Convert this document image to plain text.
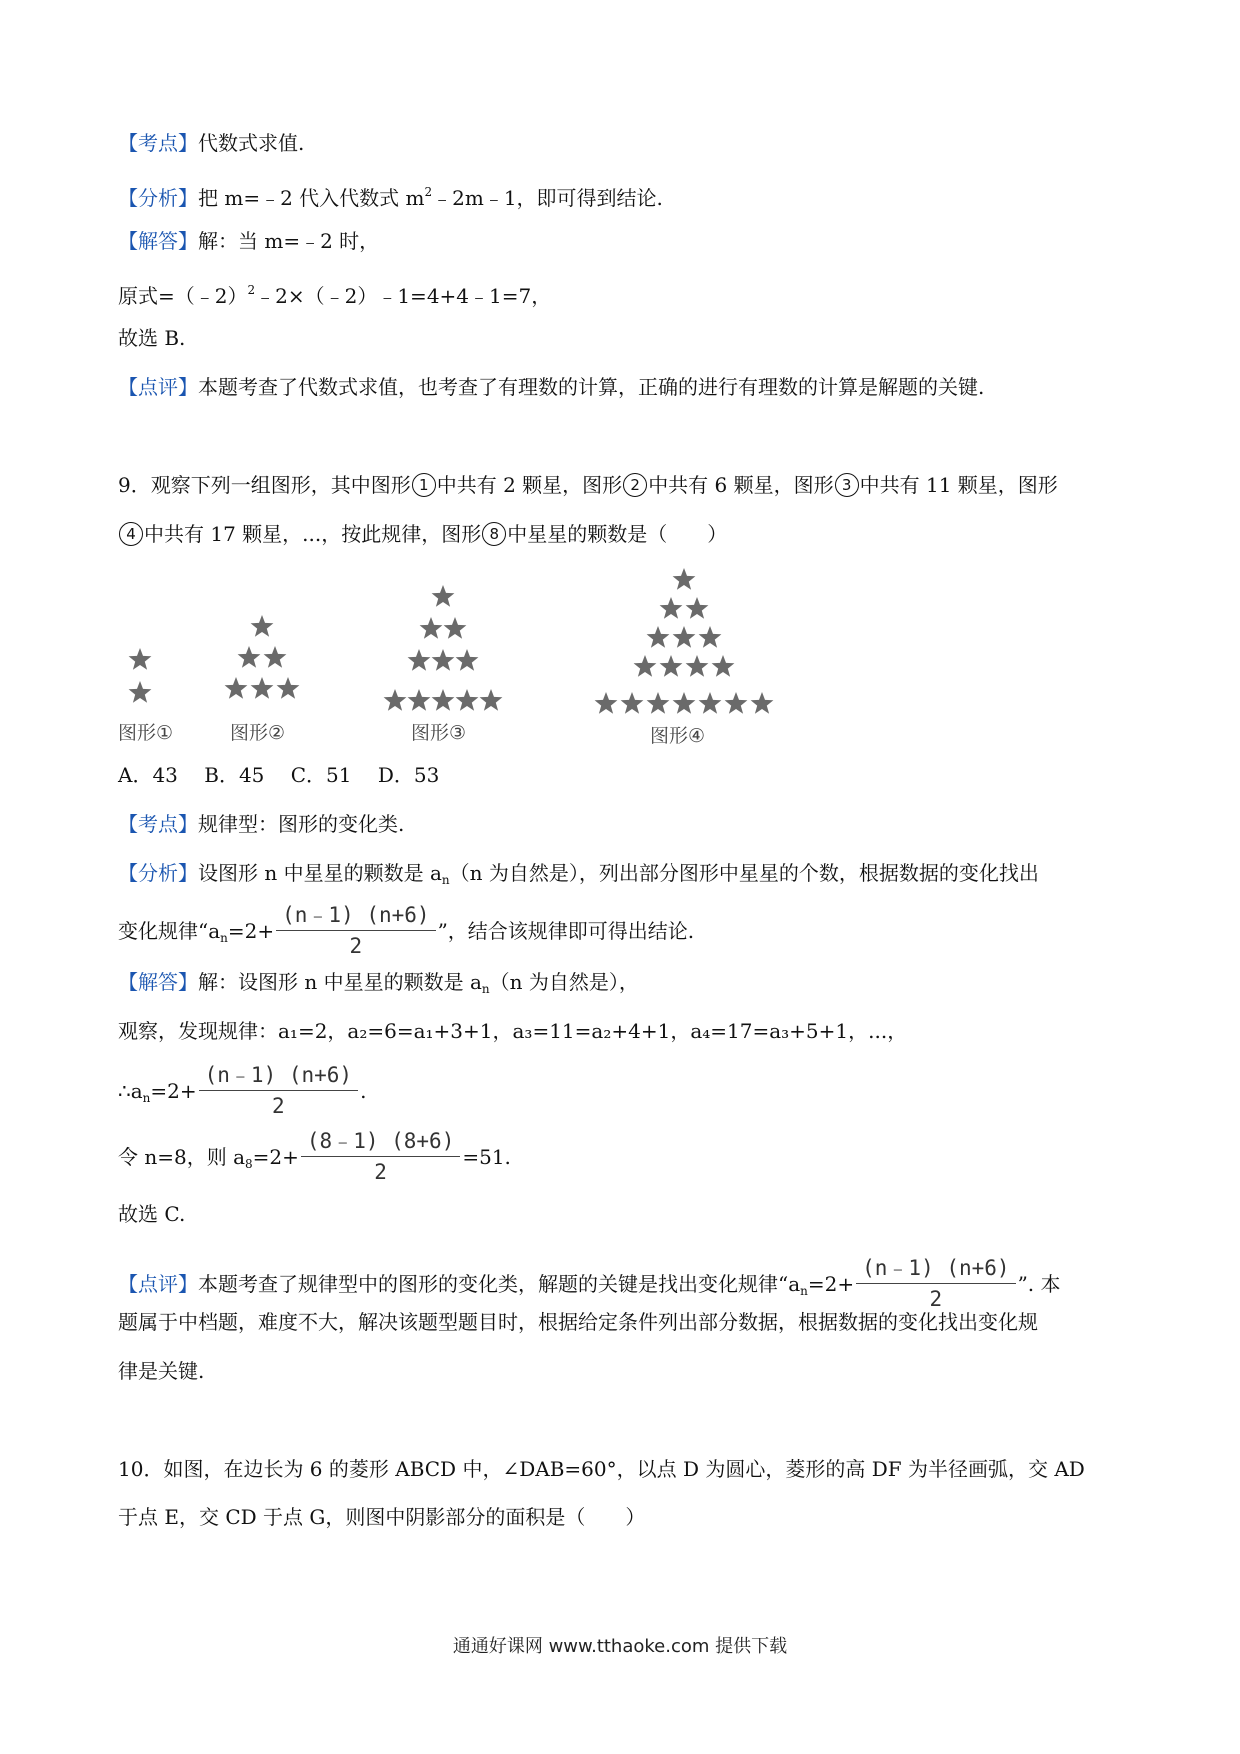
【考点】代数式求值.
【分析】把 m=﹣2 代入代数式 $m^2﹣2m﹣1$，即可得到结论.
【解答】解：当 m=﹣2 时，
原式=（﹣2）$^2$﹣2×（﹣2）﹣1=4+4﹣1=7，
故选 B.
【点评】本题考查了代数式求值，也考查了有理数的计算，正确的进行有理数的计算是解题的关键.
9．观察下列一组图形，其中图形 1 中共有 2 颗星，图形 2 中共有 6 颗星，图形 3 中共有 11 颗星，图形
4 中共有 17 颗星，...，按此规律，图形 8 中星星的颗数是（　　）
图形①	图形②	图形③	图形④
A．43　 B．45　 C．51　 D．53
【考点】规律型：图形的变化类.
【分析】设图形 n 中星星的颗数是 $a_n(n$ 为自然是），列出部分图形中星星的个数，根据数据的变化找出
变化规律“$a_n=2+ \frac{(n﹣1) (n+6)}{2}$ ”，结合该规律即可得出结论.
【解答】解：设图形 n 中星星的颗数是 $a_n(n$ 为自然是），
观察，发现规律：a₁=2，a₂=6=a₁+3+1，a₃=11=a₂+4+1，a₄=17=a₃+5+1，...，
$\therefore a_n=2+ \frac{(n﹣1) (n+6)}{2}$ .
令 n=8，则 $a_8=2+ \frac{(8﹣1) (8+6)}{2} =51$.
故选 C.
【点评】本题考查了规律型中的图形的变化类，解题的关键是找出变化规律“$a_n=2+ \frac{(n﹣1) (n+6)}{2}$ ”. 本
题属于中档题，难度不大，解决该题型题目时，根据给定条件列出部分数据，根据数据的变化找出变化规
律是关键.
10．如图，在边长为 6 的菱形 ABCD 中，∠DAB=60°，以点 D 为圆心，菱形的高 DF 为半径画弧，交 AD
于点 E，交 CD 于点 G，则图中阴影部分的面积是（　　）
通通好课网 www.tthaoke.com 提供下载
